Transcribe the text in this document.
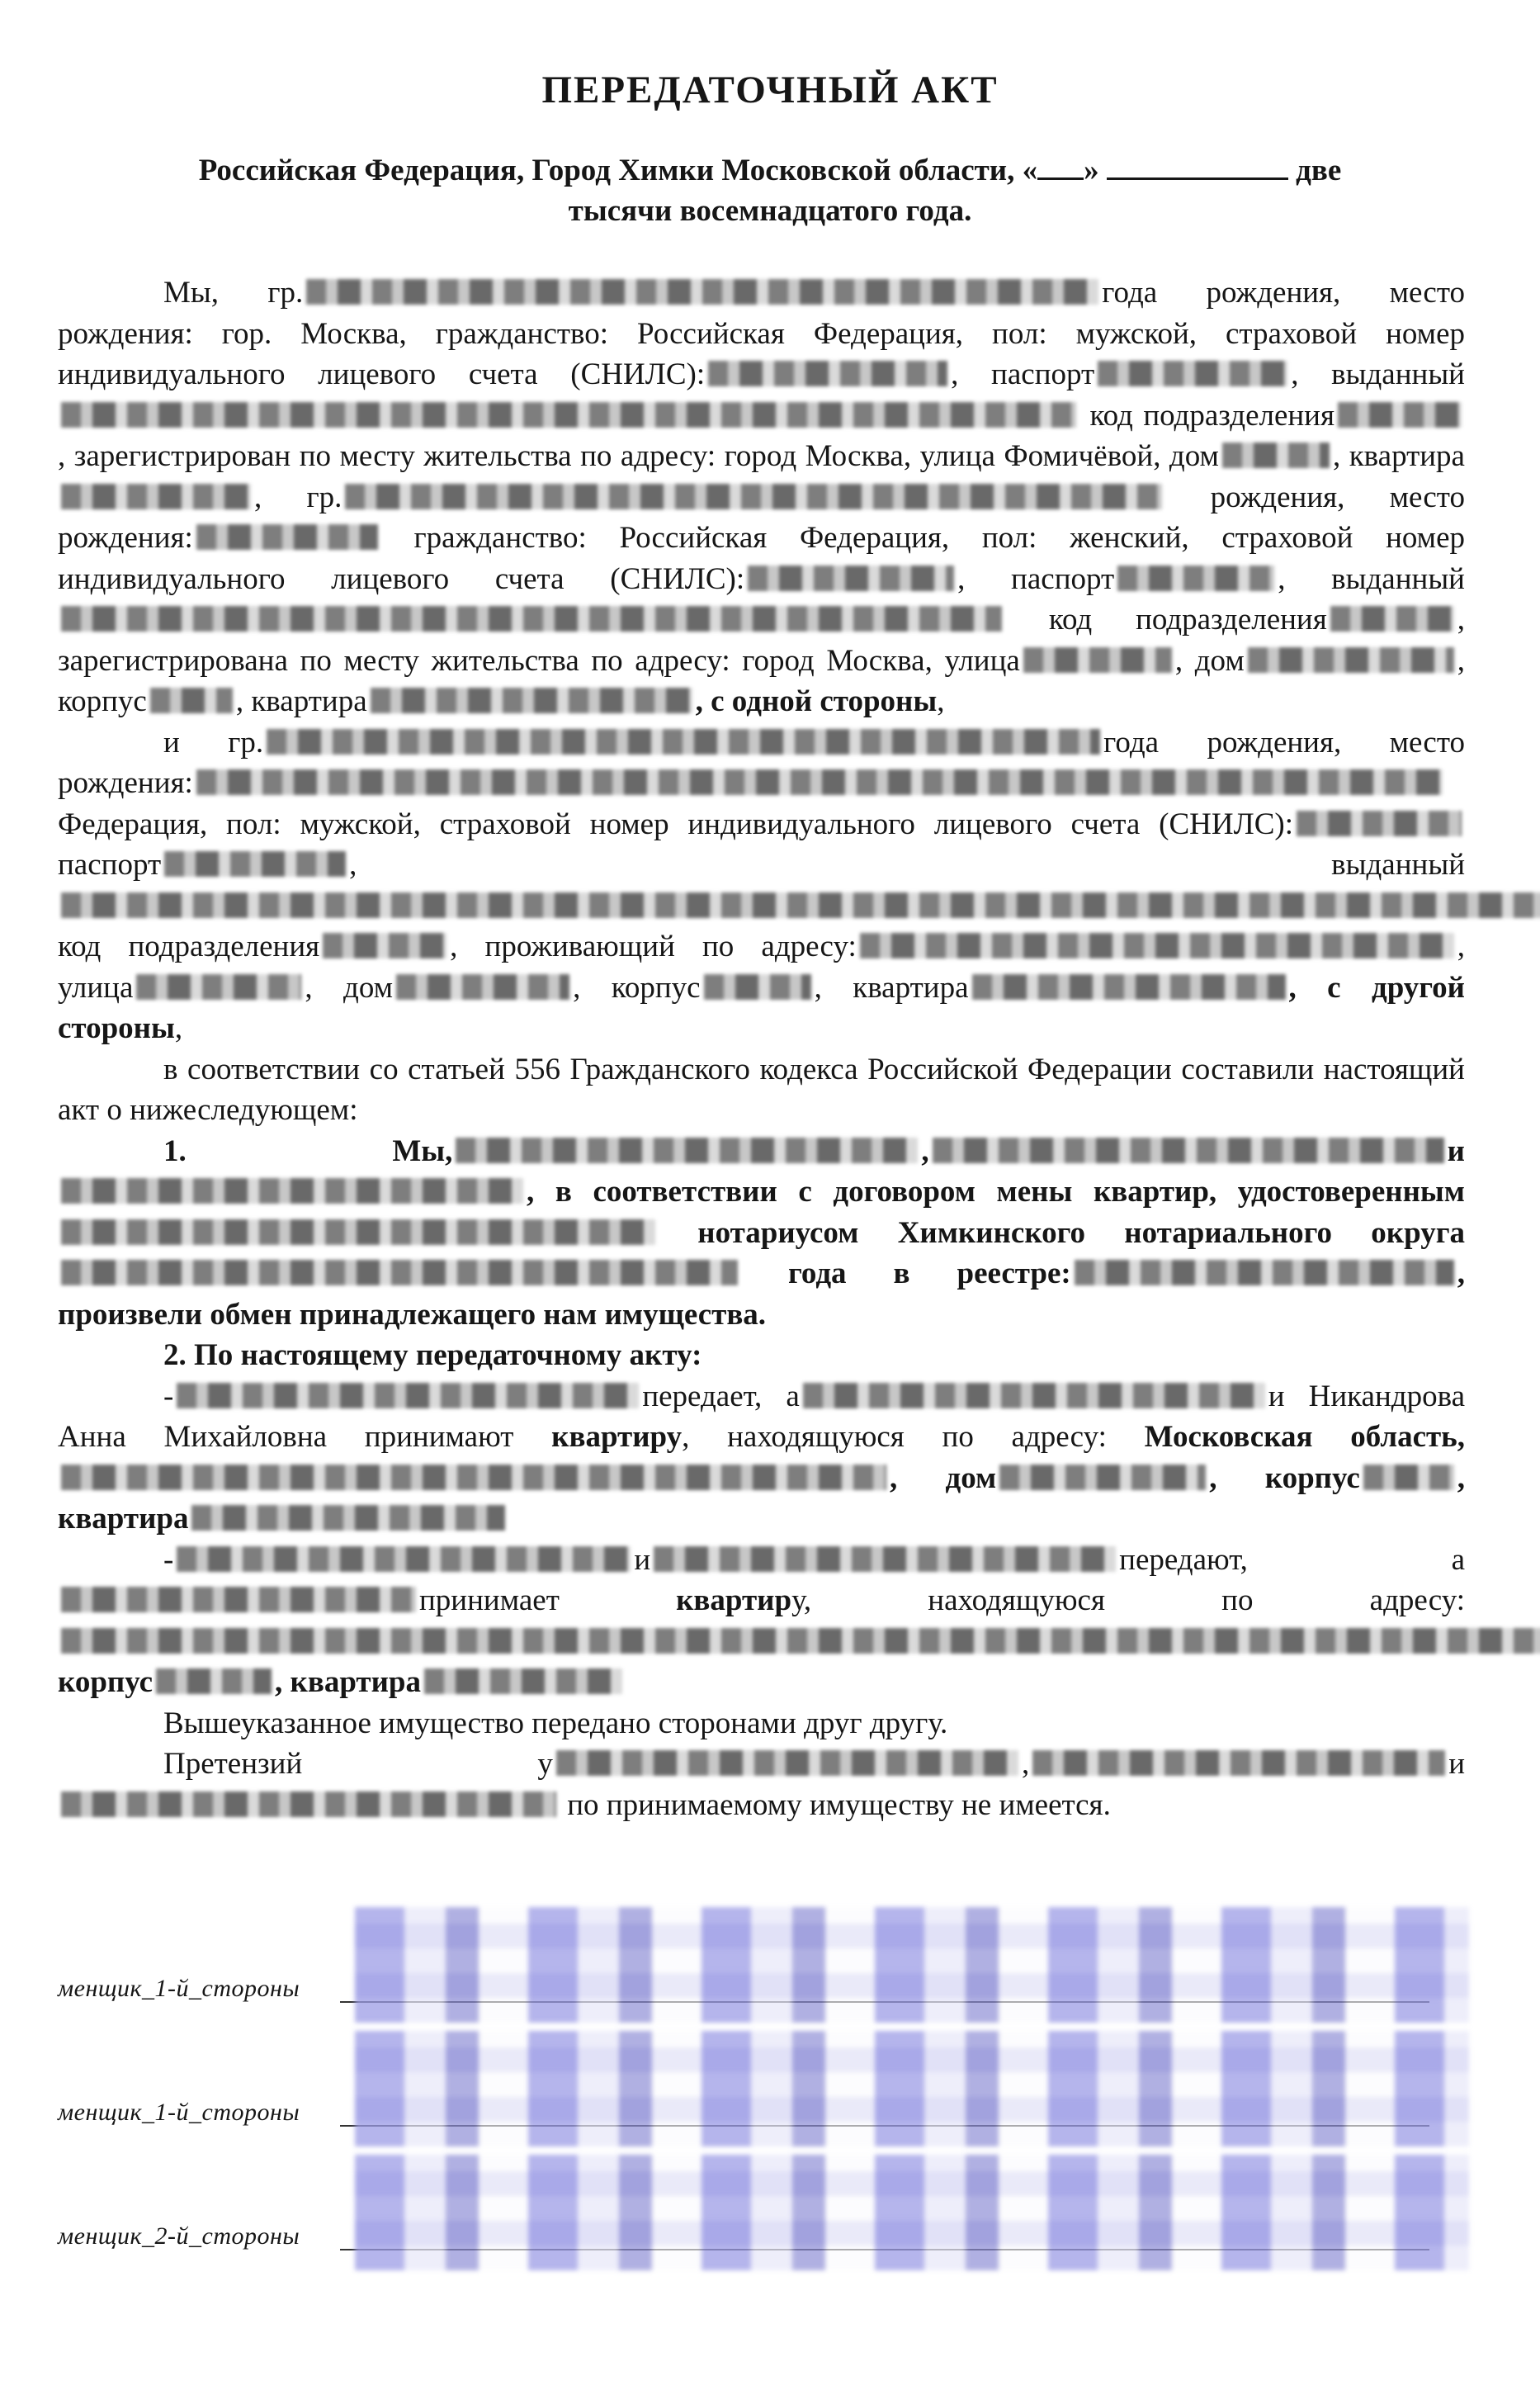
ПЕРЕДАТОЧНЫЙ АКТ
Российская Федерация, Город Химки Московской области, « »	две
тысячи восемнадцатого года.

Мы, гр.	года рождения, место рождения: гор. Москва, гражданство: Российская Федерация, пол: мужской, страховой номер индивидуального лицевого счета (СНИЛС):	, паспорт	, выданный код подразделения, зарегистрирован по месту жительства по адресу: город Москва, улица Фомичёвой, дом	, квартира, гр.	рождения, место рождения:	гражданство: Российская Федерация, пол: женский, страховой номер индивидуального лицевого счета (СНИЛС):	, паспорт	, выданный код подразделения	, зарегистрирована по месту жительства по адресу: город Москва, улица	, дом	, корпус	, квартира	, с одной стороны,

и гр.	года рождения, место рождения: Федерация, пол: мужской, страховой номер индивидуального лицевого счета (СНИЛС):паспорт	, выданный код подразделения	, проживающий по адресу:	, улица	, дом	, корпус	, квартира	, с другой стороны,

в соответствии со статьей 556 Гражданского кодекса Российской Федерации составили настоящий акт о нижеследующем:

1. Мы,	,	и, в соответствии с договором мены квартир, удостоверенным нотариусом Химкинского нотариального округа года в реестре:	, произвели обмен принадлежащего нам имущества.

2. По настоящему передаточному акту:

-	передает, а	и Никандрова Анна Михайловна принимают квартиру, находящуюся по адресу: Московская область,, дом	, корпус	, квартира

-	и	передают, апринимает	квартиру, находящуюся по адресу: корпус	, квартира

Вышеуказанное имущество передано сторонами друг другу.

Претензий у	,	и по принимаемому имуществу не имеется.

менщик_1-й_стороны
менщик_1-й_стороны
менщик_2-й_стороны
